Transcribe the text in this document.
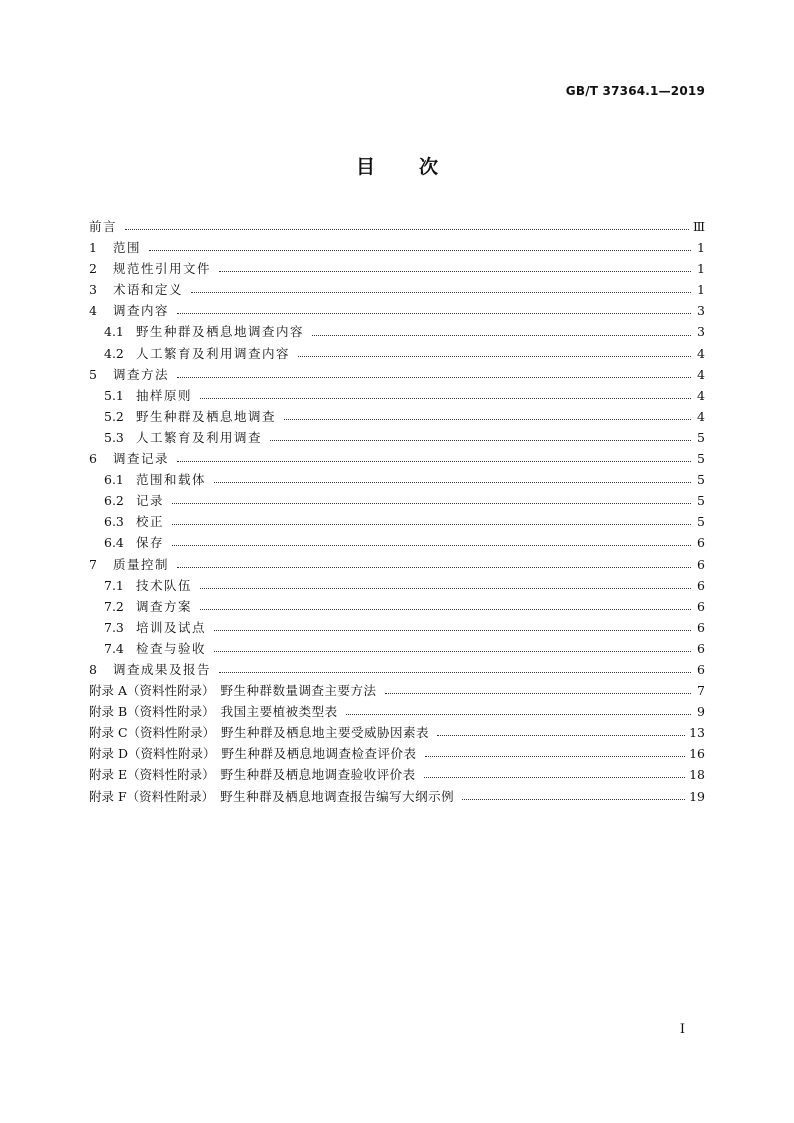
GB/T 37364.1—2019
目次
前言	Ⅲ
1	范围	1
2	规范性引用文件	1
3	术语和定义	1
4	调查内容	3
4.1 野生种群及栖息地调查内容	3
4.2 人工繁育及利用调查内容	4
5	调查方法	4
5.1 抽样原则	4
5.2 野生种群及栖息地调查	4
5.3 人工繁育及利用调查	5
6	调查记录	5
6.1 范围和载体	5
6.2 记录	5
6.3 校正	5
6.4 保存	6
7	质量控制	6
7.1 技术队伍	6
7.2 调查方案	6
7.3 培训及试点	6
7.4 检查与验收	6
8	调查成果及报告	6
附录 A（资料性附录） 野生种群数量调查主要方法	7
附录 B（资料性附录） 我国主要植被类型表	9
附录 C（资料性附录） 野生种群及栖息地主要受威胁因素表	13
附录 D（资料性附录） 野生种群及栖息地调查检查评价表	16
附录 E（资料性附录） 野生种群及栖息地调查验收评价表	18
附录 F（资料性附录） 野生种群及栖息地调查报告编写大纲示例	19
I
